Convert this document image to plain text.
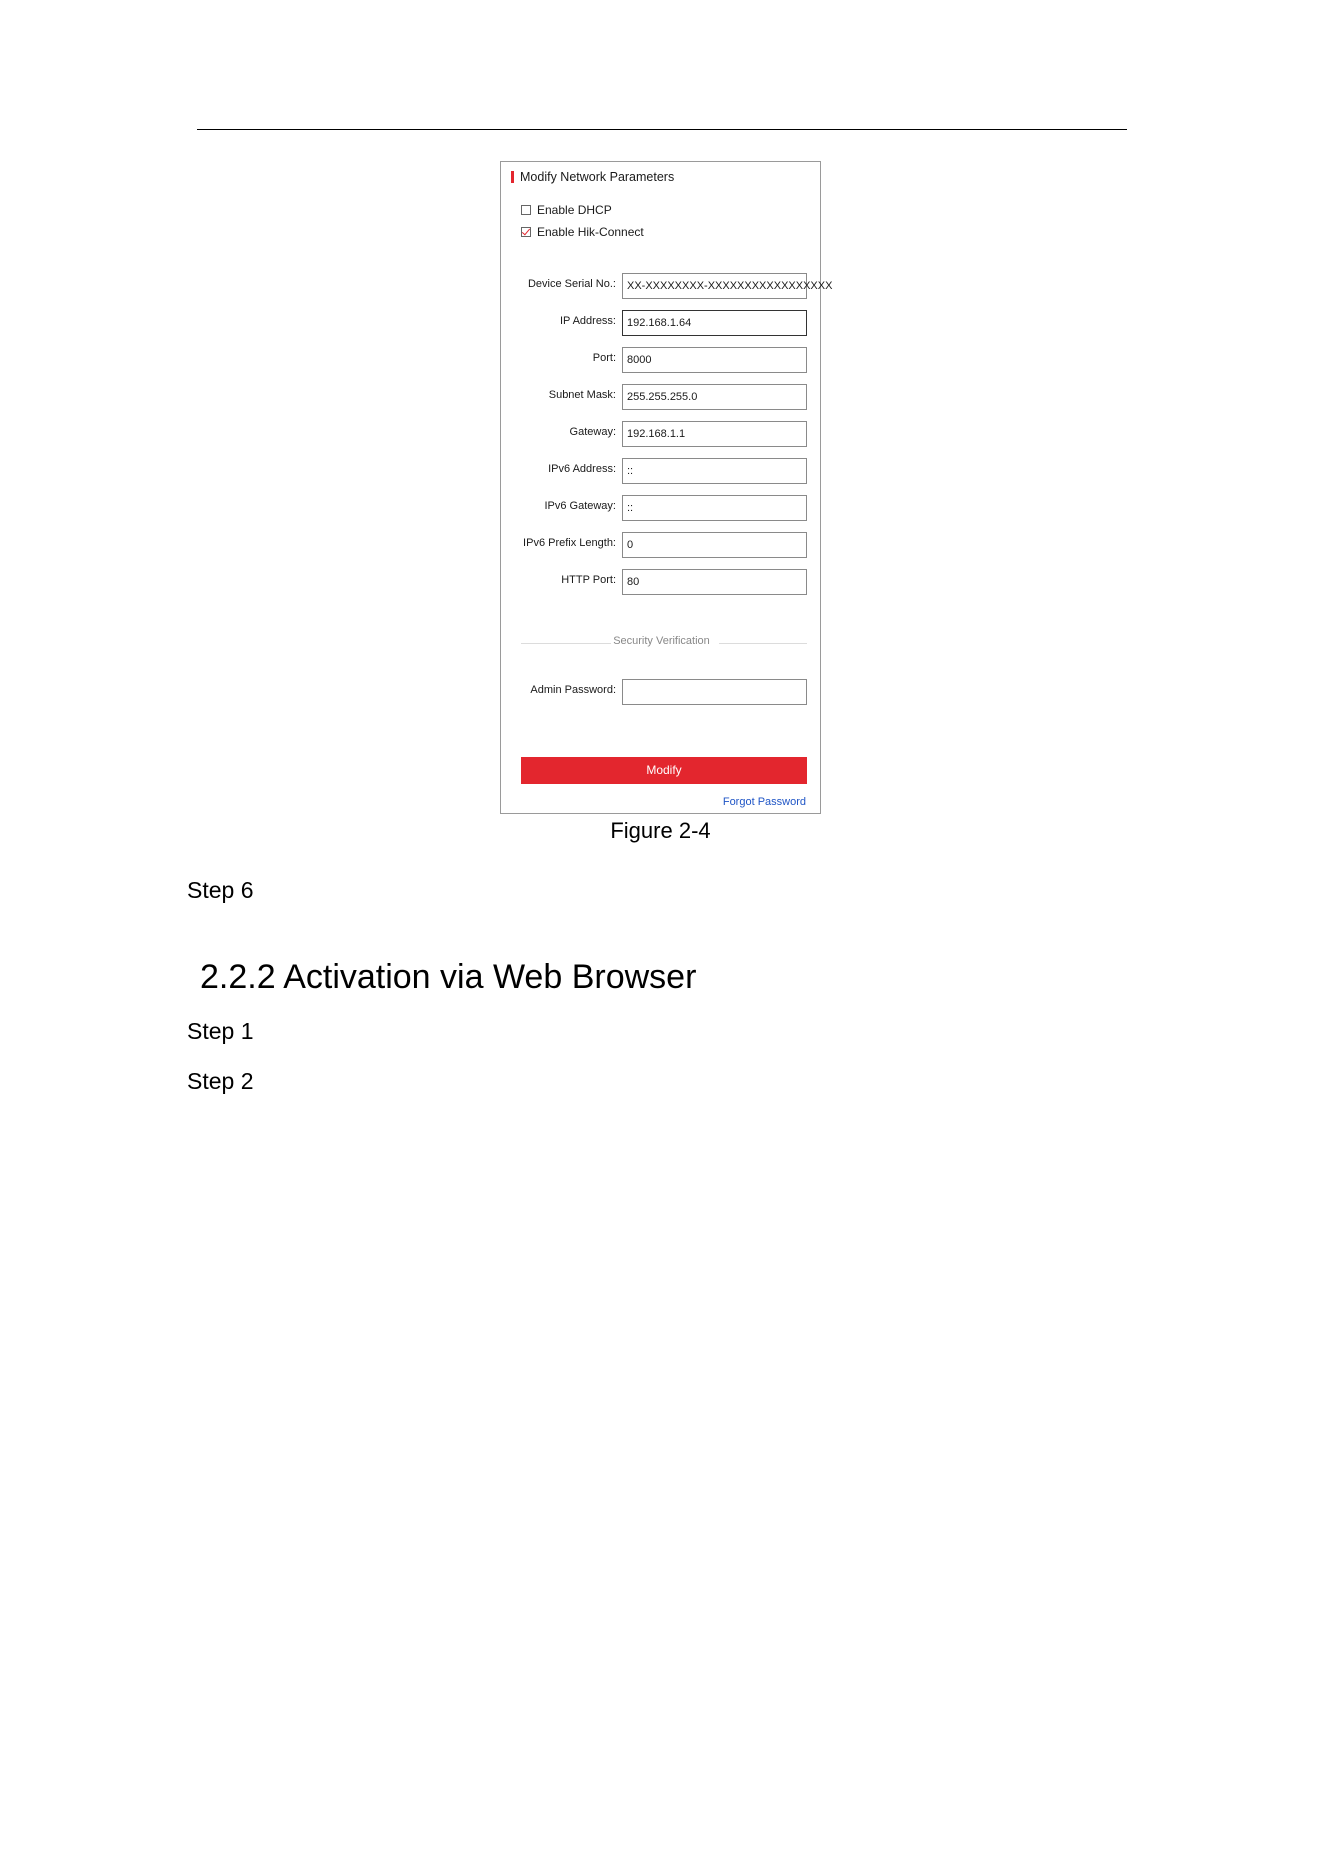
Modify Network Parameters
Enable DHCP
Enable Hik-Connect
Device Serial No.:	XX-XXXXXXXX-XXXXXXXXXXXXXXXXX
IP Address:	192.168.1.64
Port:	8000
Subnet Mask:	255.255.255.0
Gateway:	192.168.1.1
IPv6 Address:	::
IPv6 Gateway:	::
IPv6 Prefix Length:	0
HTTP Port:	80
Security Verification
Admin Password:
Modify
Forgot Password
Figure 2-4
Step 6
2.2.2 Activation via Web Browser
Step 1
Step 2
